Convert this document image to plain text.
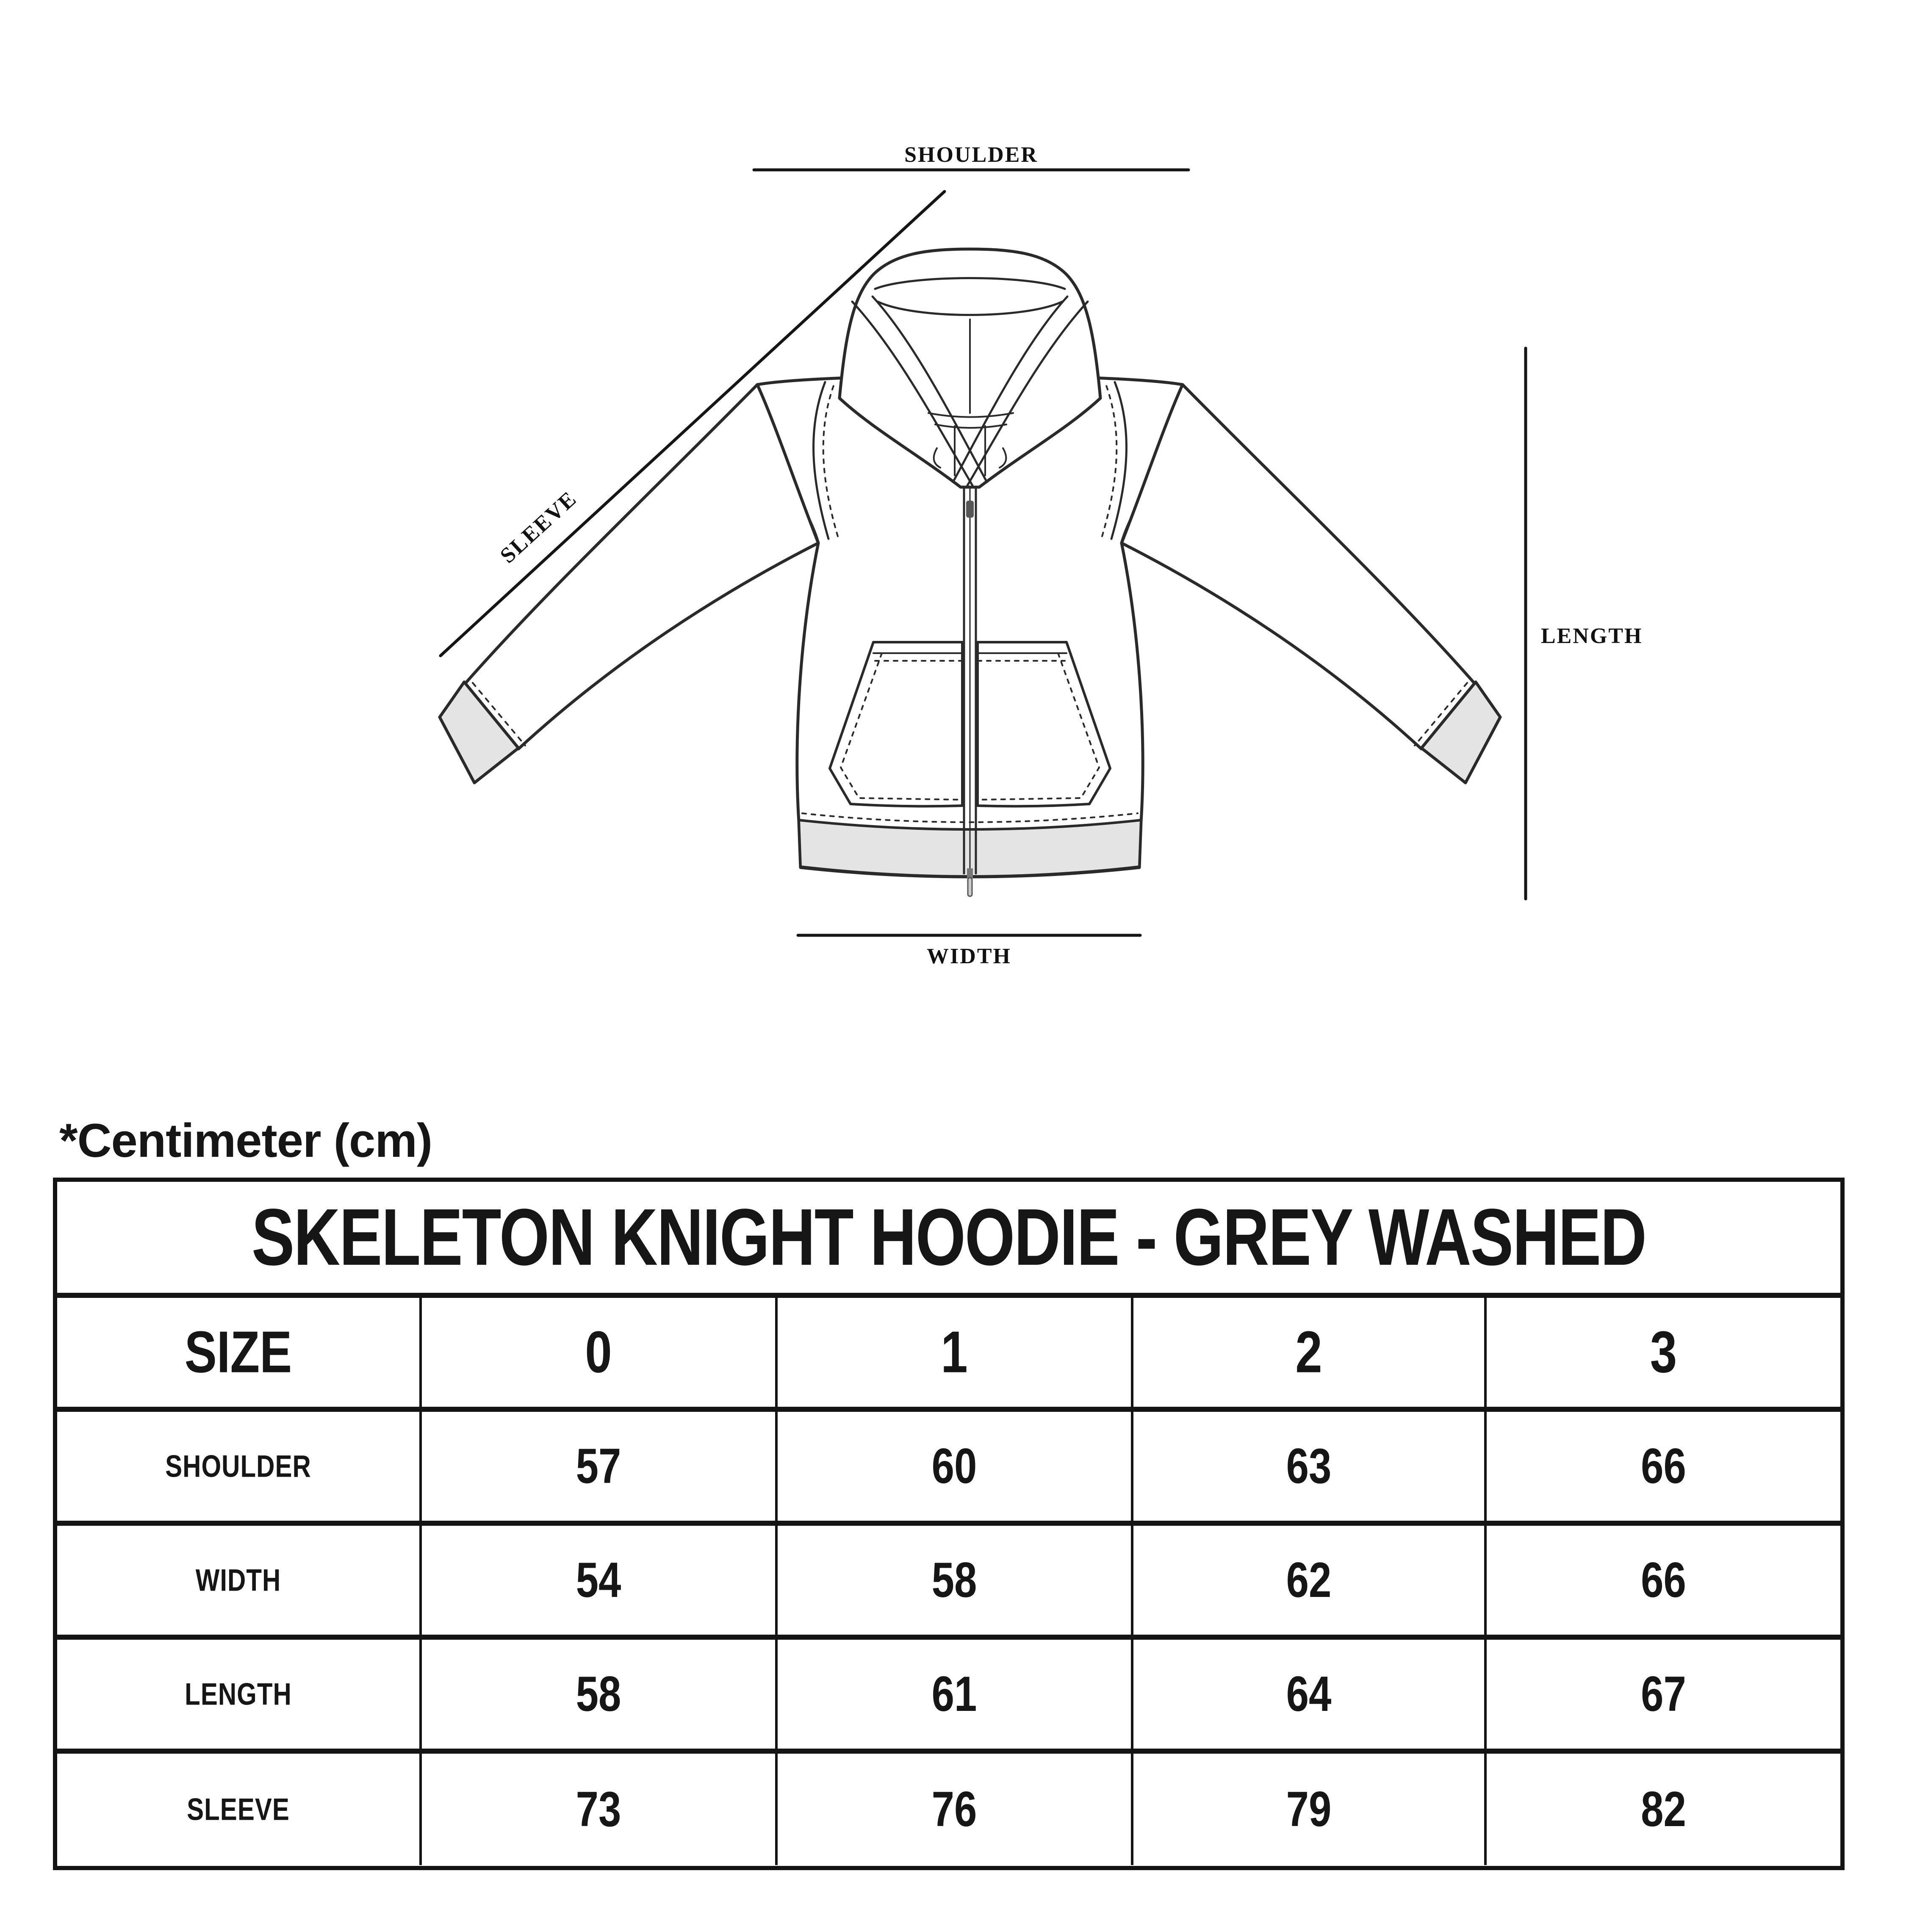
SHOULDER
SLEEVE
LENGTH
WIDTH
*Centimeter (cm)
SKELETON KNIGHT HOODIE - GREY WASHED
SIZE	0	1	2	3
SHOULDER	57	60	63	66
WIDTH	54	58	62	66
LENGTH	58	61	64	67
SLEEVE	73	76	79	82
